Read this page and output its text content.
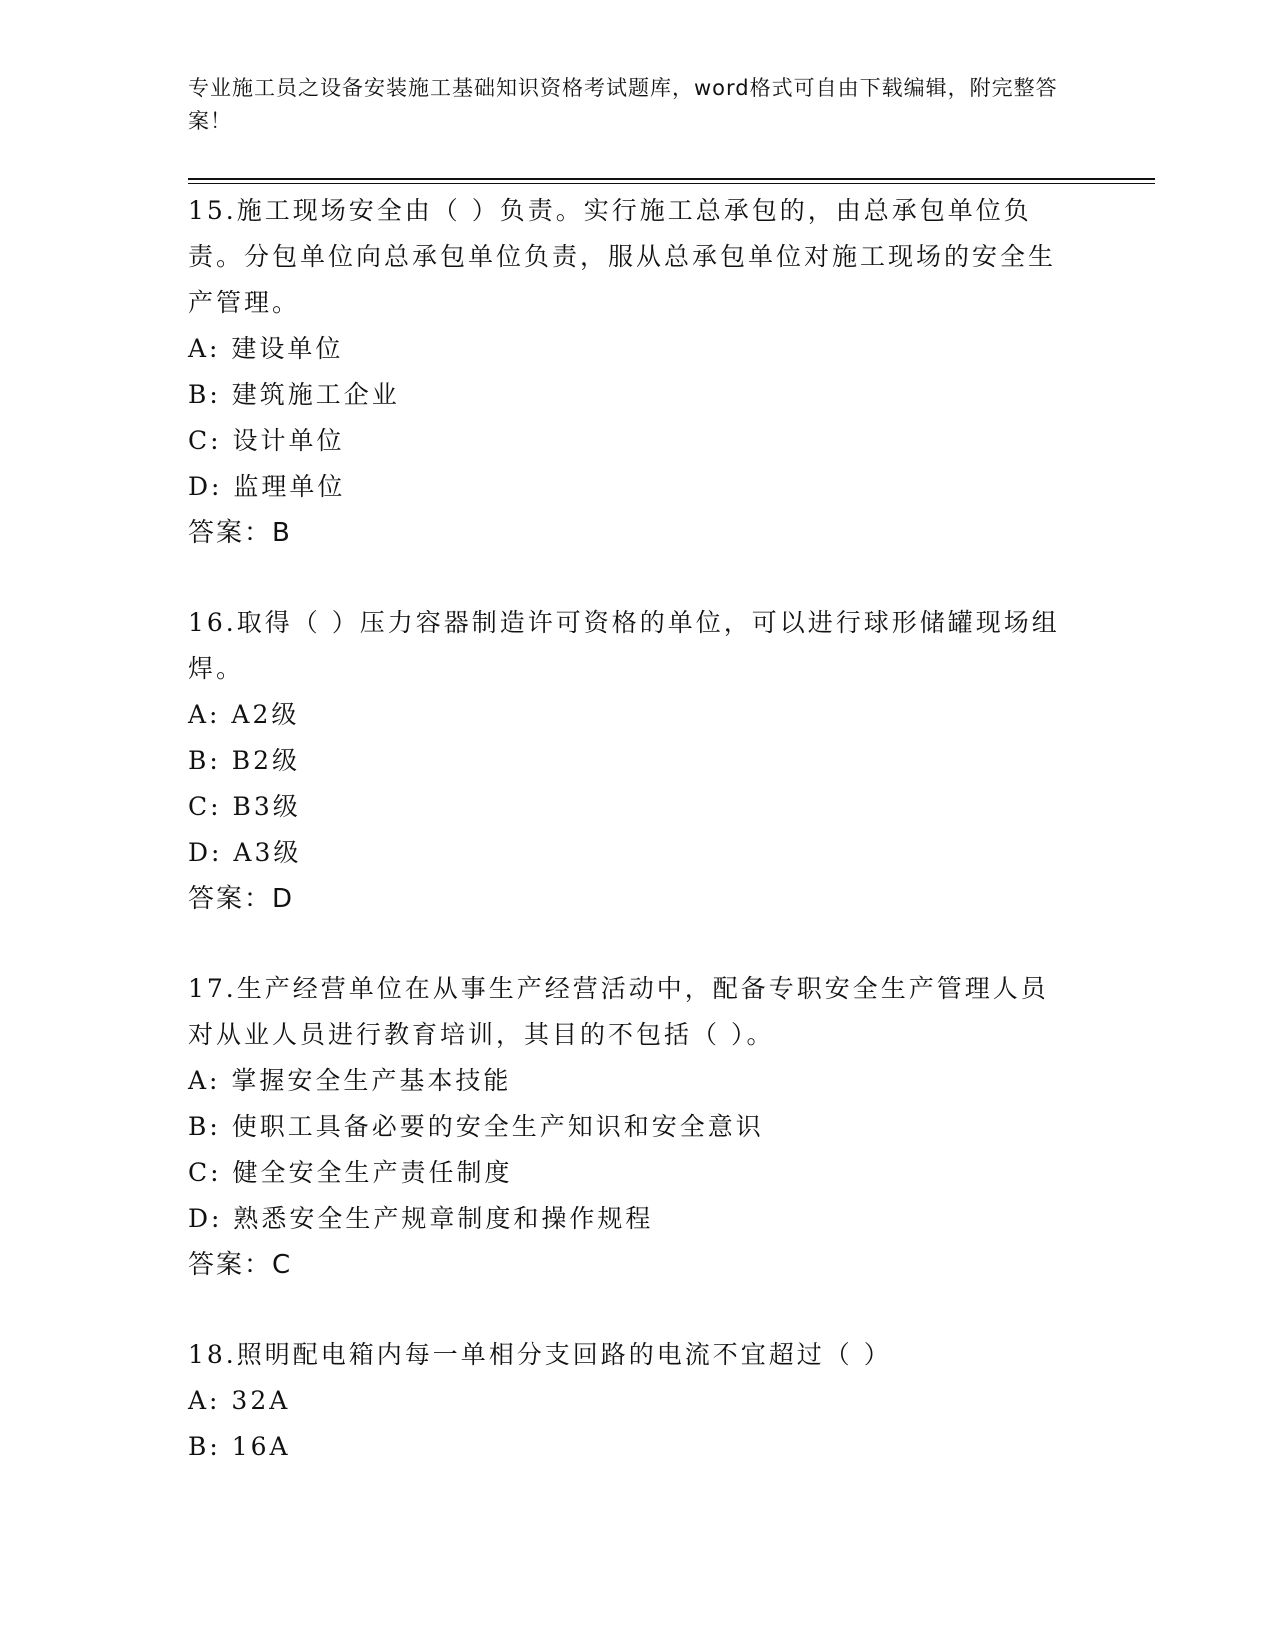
专业施工员之设备安装施工基础知识资格考试题库，word格式可自由下载编辑，附完整答案！
15.施工现场安全由（ ）负责。实行施工总承包的，由总承包单位负责。分包单位向总承包单位负责，服从总承包单位对施工现场的安全生产管理。
A: 建设单位
B: 建筑施工企业
C: 设计单位
D: 监理单位
答案：B
16.取得（ ）压力容器制造许可资格的单位，可以进行球形储罐现场组焊。
A: A2级
B: B2级
C: B3级
D: A3级
答案：D
17.生产经营单位在从事生产经营活动中，配备专职安全生产管理人员对从业人员进行教育培训，其目的不包括（ ）。
A: 掌握安全生产基本技能
B: 使职工具备必要的安全生产知识和安全意识
C: 健全安全生产责任制度
D: 熟悉安全生产规章制度和操作规程
答案：C
18.照明配电箱内每一单相分支回路的电流不宜超过（ ）
A: 32A
B: 16A
